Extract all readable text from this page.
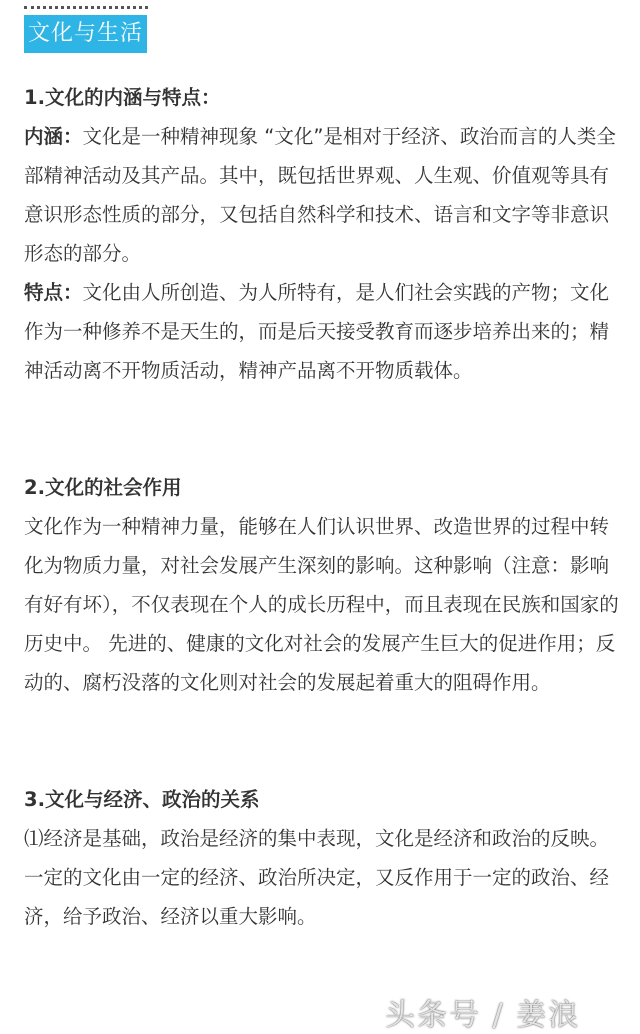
文化与生活

1.文化的内涵与特点：

内涵：文化是一种精神现象 “文化”是相对于经济、政治而言的人类全部精神活动及其产品。其中，既包括世界观、人生观、价值观等具有意识形态性质的部分，又包括自然科学和技术、语言和文字等非意识形态的部分。

特点：文化由人所创造、为人所特有，是人们社会实践的产物；文化作为一种修养不是天生的，而是后天接受教育而逐步培养出来的；精神活动离不开物质活动，精神产品离不开物质载体。

2.文化的社会作用

文化作为一种精神力量，能够在人们认识世界、改造世界的过程中转化为物质力量，对社会发展产生深刻的影响。这种影响（注意：影响有好有坏），不仅表现在个人的成长历程中，而且表现在民族和国家的历史中。 先进的、健康的文化对社会的发展产生巨大的促进作用；反动的、腐朽没落的文化则对社会的发展起着重大的阻碍作用。

3.文化与经济、政治的关系

⑴经济是基础，政治是经济的集中表现，文化是经济和政治的反映。一定的文化由一定的经济、政治所决定，又反作用于一定的政治、经济，给予政治、经济以重大影响。

头条号 / 姜浪
